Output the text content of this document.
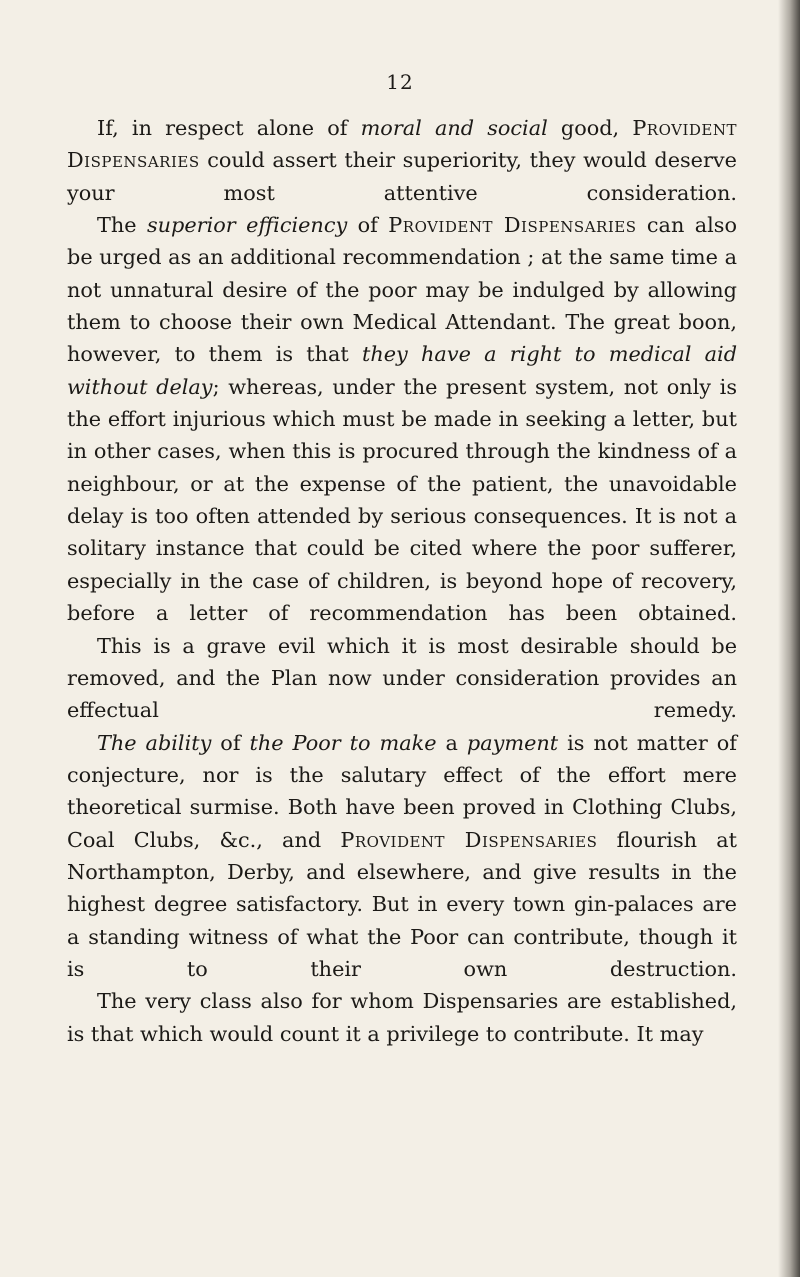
12

If, in respect alone of moral and social good, Provident Dispensaries could assert their superiority, they would deserve your most attentive consideration.

The superior efficiency of Provident Dispensaries can also be urged as an additional recommendation ; at the same time a not unnatural desire of the poor may be indulged by allowing them to choose their own Medical Attendant. The great boon, however, to them is that they have a right to medical aid without delay; whereas, under the present system, not only is the effort injurious which must be made in seeking a letter, but in other cases, when this is procured through the kindness of a neighbour, or at the expense of the patient, the unavoidable delay is too often attended by serious consequences. It is not a solitary instance that could be cited where the poor sufferer, especially in the case of children, is beyond hope of recovery, before a letter of recommendation has been obtained.

This is a grave evil which it is most desirable should be removed, and the Plan now under consideration provides an effectual remedy.

The ability of the Poor to make a payment is not matter of conjecture, nor is the salutary effect of the effort mere theoretical surmise. Both have been proved in Clothing Clubs, Coal Clubs, &c., and Provident Dispensaries flourish at Northampton, Derby, and elsewhere, and give results in the highest degree satisfactory. But in every town gin-palaces are a standing witness of what the Poor can contribute, though it is to their own destruction.

The very class also for whom Dispensaries are established, is that which would count it a privilege to contribute. It may
